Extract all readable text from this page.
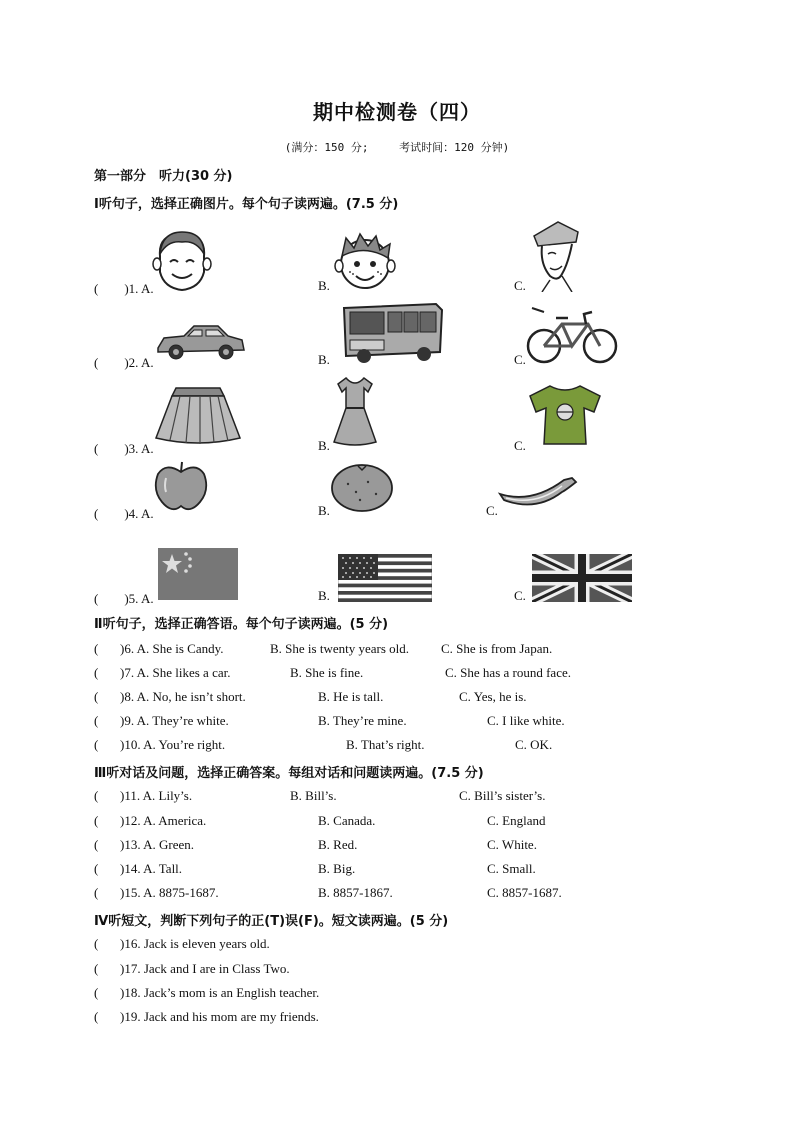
期中检测卷（四）
(满分：150 分;	考试时间：120 分钟)
第一部分　听力(30 分)
Ⅰ听句子，选择正确图片。每个句子读两遍。(7.5 分)
(　　)1. A.	B.	C.
(　　)2. A.	B.	C.
(　　)3. A.	B.	C.
(　　)4. A.	B.	C.
(　　)5. A.	B.	C.
Ⅱ听句子，选择正确答语。每个句子读两遍。(5 分)
( )6. A. She is Candy.	B. She is twenty years old. C. She is from Japan.
( )7. A. She likes a car.	B. She is fine.	C. She has a round face.
( )8. A. No, he isn’t short.	B. He is tall.	C. Yes, he is.
( )9. A. They’re white.	B. They’re mine.	C. I like white.
( )10. A. You’re right.	B. That’s right.	C. OK.
Ⅲ听对话及问题，选择正确答案。每组对话和问题读两遍。(7.5 分)
( )11. A. Lily’s.	B. Bill’s.	C. Bill’s sister’s.
( )12. A. America.	B. Canada.	C. England
( )13. A. Green.	B. Red.	C. White.
( )14. A. Tall.	B. Big.	C. Small.
( )15. A. 8875-1687.	B. 8857-1867.	C. 8857-1687.
Ⅳ听短文，判断下列句子的正(T)误(F)。短文读两遍。(5 分)
( )16. Jack is eleven years old.
( )17. Jack and I are in Class Two.
( )18. Jack’s mom is an English teacher.
( )19. Jack and his mom are my friends.
